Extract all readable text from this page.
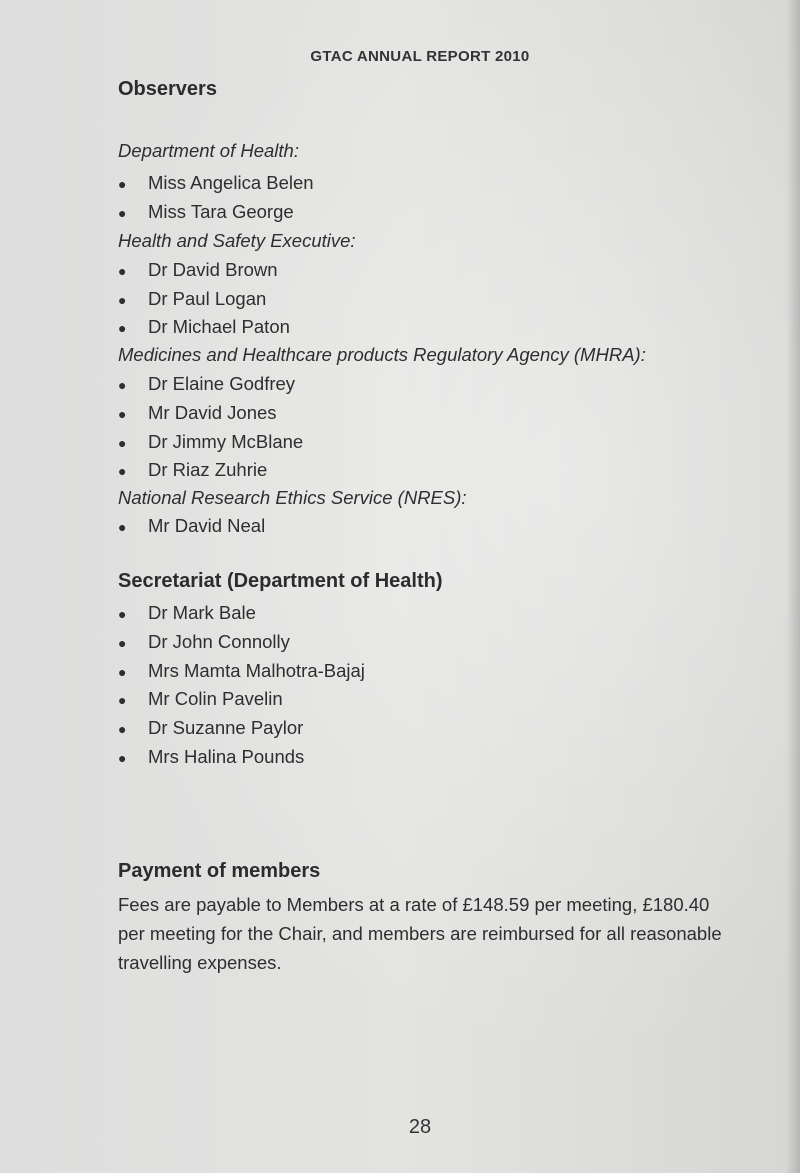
GTAC ANNUAL REPORT 2010
Observers
Department of Health:
● Miss Angelica Belen
● Miss Tara George
Health and Safety Executive:
● Dr David Brown
● Dr Paul Logan
● Dr Michael Paton
Medicines and Healthcare products Regulatory Agency (MHRA):
● Dr Elaine Godfrey
● Mr David Jones
● Dr Jimmy McBlane
● Dr Riaz Zuhrie
National Research Ethics Service (NRES):
● Mr David Neal
Secretariat (Department of Health)
● Dr Mark Bale
● Dr John Connolly
● Mrs Mamta Malhotra-Bajaj
● Mr Colin Pavelin
● Dr Suzanne Paylor
● Mrs Halina Pounds
Payment of members
Fees are payable to Members at a rate of £148.59 per meeting, £180.40 per meeting for the Chair, and members are reimbursed for all reasonable travelling expenses.
28
